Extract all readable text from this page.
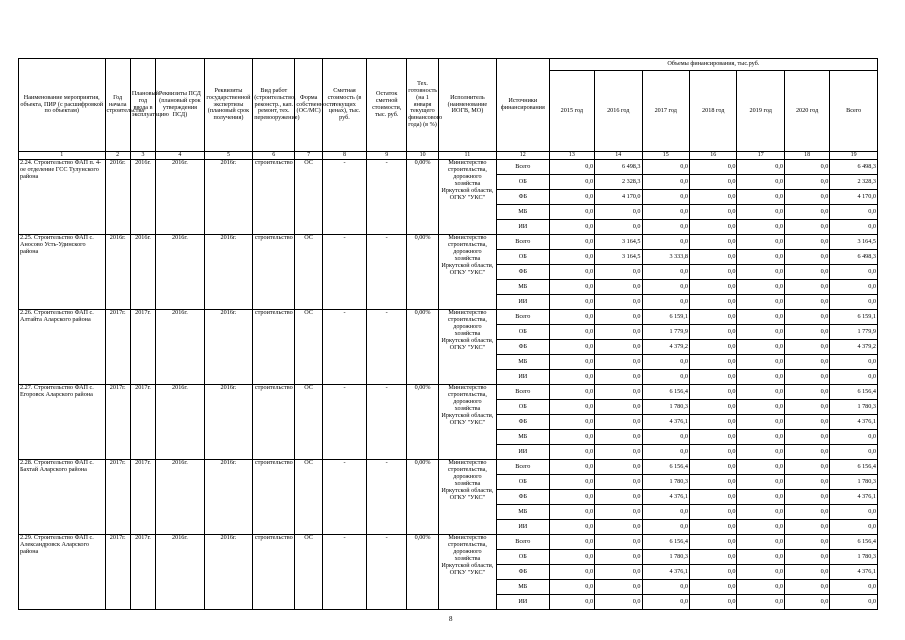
Наименование мероприятия, объекта, ПИР (с расшифровкой по объектам)	Год начала строительства	Плановый год ввода в эксплуатацию	Реквизиты ПСД (плановый срок утверждения ПСД)	Реквизиты государственной экспертизы (плановый срок получения)	Вид работ (строительство, реконстр., кап. ремонт, тех. перевооружение)	Форма собственности (ОС/МС)	Сметная стоимость (в текущих ценах), тыс. руб.	Остаток сметной стоимости, тыс. руб.	Тех. готовность (на 1 января текущего финансового года) (в %)	Исполнитель (наименование ИОГВ, МО)	Источники финансирования	Объемы финансирования, тыс.руб.						
												2015 год	2016 год	2017 год	2018 год	2019 год	2020 год	Всего
1	2	3	4	5	6	7	8	9	10	11	12	13	14	15	16	17	18	19
2.24. Строительство ФАП п. 4-ое отделение ГСС Тулунского района	2016г.	2016г.	2016г.	2016г.	строительство	ОС	-	-	0,00%	Министерство строительства, дорожного хозяйства Иркутской области, ОГКУ "УКС"	Всего	0,0	6 498,3	0,0	0,0	0,0	0,0	6 498,3
											ОБ	0,0	2 328,3	0,0	0,0	0,0	0,0	2 328,3
											ФБ	0,0	4 170,0	0,0	0,0	0,0	0,0	4 170,0
											МБ	0,0	0,0	0,0	0,0	0,0	0,0	0,0
											ИИ	0,0	0,0	0,0	0,0	0,0	0,0	0,0
2.25. Строительство ФАП с. Аносово Усть-Удинского района	2016г.	2016г.	2016г.	2016г.	строительство	ОС	-	-	0,00%	Министерство строительства, дорожного хозяйства Иркутской области, ОГКУ "УКС"	Всего	0,0	3 164,5	0,0	0,0	0,0	0,0	3 164,5
											ОБ	0,0	3 164,5	3 333,8	0,0	0,0	0,0	6 498,3
											ФБ	0,0	0,0	0,0	0,0	0,0	0,0	0,0
											МБ	0,0	0,0	0,0	0,0	0,0	0,0	0,0
											ИИ	0,0	0,0	0,0	0,0	0,0	0,0	0,0
2.26. Строительство ФАП с. Алтайта Аларского района	2017г.	2017г.	2016г.	2016г.	строительство	ОС	-	-	0,00%	Министерство строительства, дорожного хозяйства Иркутской области, ОГКУ "УКС"	Всего	0,0	0,0	6 159,1	0,0	0,0	0,0	6 159,1
											ОБ	0,0	0,0	1 779,9	0,0	0,0	0,0	1 779,9
											ФБ	0,0	0,0	4 379,2	0,0	0,0	0,0	4 379,2
											МБ	0,0	0,0	0,0	0,0	0,0	0,0	0,0
											ИИ	0,0	0,0	0,0	0,0	0,0	0,0	0,0
2.27. Строительство ФАП с. Егоровск Аларского района	2017г.	2017г.	2016г.	2016г.	строительство	ОС	-	-	0,00%	Министерство строительства, дорожного хозяйства Иркутской области, ОГКУ "УКС"	Всего	0,0	0,0	6 156,4	0,0	0,0	0,0	6 156,4
											ОБ	0,0	0,0	1 780,3	0,0	0,0	0,0	1 780,3
											ФБ	0,0	0,0	4 376,1	0,0	0,0	0,0	4 376,1
											МБ	0,0	0,0	0,0	0,0	0,0	0,0	0,0
											ИИ	0,0	0,0	0,0	0,0	0,0	0,0	0,0
2.28. Строительство ФАП с. Бахтай Аларского района	2017г.	2017г.	2016г.	2016г.	строительство	ОС	-	-	0,00%	Министерство строительства, дорожного хозяйства Иркутской области, ОГКУ "УКС"	Всего	0,0	0,0	6 156,4	0,0	0,0	0,0	6 156,4
											ОБ	0,0	0,0	1 780,3	0,0	0,0	0,0	1 780,3
											ФБ	0,0	0,0	4 376,1	0,0	0,0	0,0	4 376,1
											МБ	0,0	0,0	0,0	0,0	0,0	0,0	0,0
											ИИ	0,0	0,0	0,0	0,0	0,0	0,0	0,0
2.29. Строительство ФАП с. Александровск Аларского района	2017г.	2017г.	2016г.	2016г.	строительство	ОС	-	-	0,00%	Министерство строительства, дорожного хозяйства Иркутской области, ОГКУ "УКС"	Всего	0,0	0,0	6 156,4	0,0	0,0	0,0	6 156,4
											ОБ	0,0	0,0	1 780,3	0,0	0,0	0,0	1 780,3
											ФБ	0,0	0,0	4 376,1	0,0	0,0	0,0	4 376,1
											МБ	0,0	0,0	0,0	0,0	0,0	0,0	0,0
											ИИ	0,0	0,0	0,0	0,0	0,0	0,0	0,0
8
